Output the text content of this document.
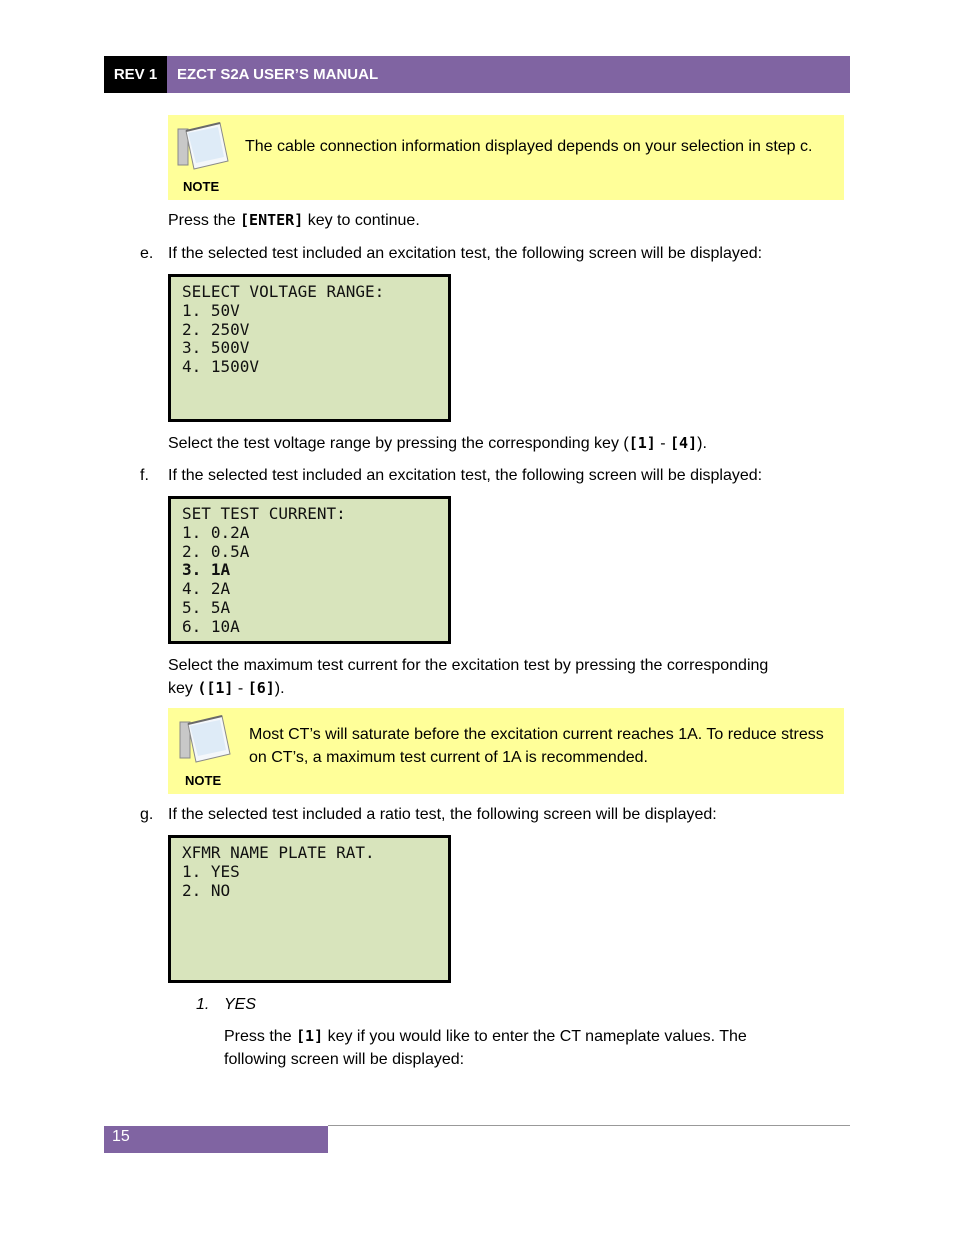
REV 1	EZCT S2A USER’S MANUAL
NOTE
The cable connection information displayed depends on your selection in step c.
Press the [ENTER] key to continue.
e. If the selected test included an excitation test, the following screen will be displayed:
SELECT VOLTAGE RANGE:
1. 50V
2. 250V
3. 500V
4. 1500V
Select the test voltage range by pressing the corresponding key ([1] - [4]).
f. If the selected test included an excitation test, the following screen will be displayed:
SET TEST CURRENT:
1. 0.2A
2. 0.5A
3. 1A
4. 2A
5. 5A
6. 10A
Select the maximum test current for the excitation test by pressing the corresponding
key ([1] - [6]).
NOTE
Most CT’s will saturate before the excitation current reaches 1A. To reduce stress on CT’s, a maximum test current of 1A is recommended.
g. If the selected test included a ratio test, the following screen will be displayed:
XFMR NAME PLATE RAT.
1. YES
2. NO
1. YES
Press the [1] key if you would like to enter the CT nameplate values. The following screen will be displayed:
15
